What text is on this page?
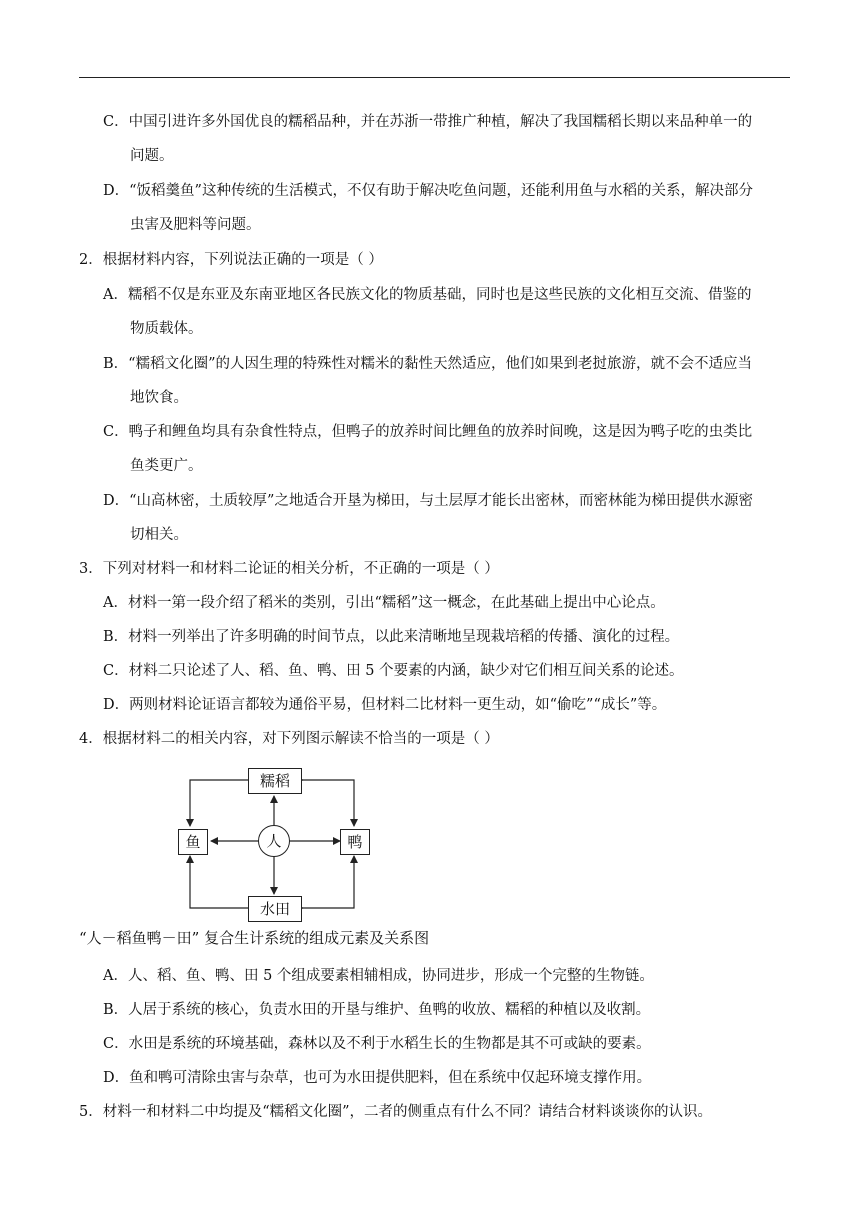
C．中国引进许多外国优良的糯稻品种，并在苏浙一带推广种植，解决了我国糯稻长期以来品种单一的
问题。
D．“饭稻羹鱼”这种传统的生活模式，不仅有助于解决吃鱼问题，还能利用鱼与水稻的关系，解决部分
虫害及肥料等问题。
2．根据材料内容，下列说法正确的一项是（ ）
A．糯稻不仅是东亚及东南亚地区各民族文化的物质基础，同时也是这些民族的文化相互交流、借鉴的
物质载体。
B．“糯稻文化圈”的人因生理的特殊性对糯米的黏性天然适应，他们如果到老挝旅游，就不会不适应当
地饮食。
C．鸭子和鲤鱼均具有杂食性特点，但鸭子的放养时间比鲤鱼的放养时间晚，这是因为鸭子吃的虫类比
鱼类更广。
D．“山高林密，土质较厚”之地适合开垦为梯田，与土层厚才能长出密林，而密林能为梯田提供水源密
切相关。
3．下列对材料一和材料二论证的相关分析，不正确的一项是（ ）
A．材料一第一段介绍了稻米的类别，引出“糯稻”这一概念，在此基础上提出中心论点。
B．材料一列举出了许多明确的时间节点，以此来清晰地呈现栽培稻的传播、演化的过程。
C．材料二只论述了人、稻、鱼、鸭、田 5 个要素的内涵，缺少对它们相互间关系的论述。
D．两则材料论证语言都较为通俗平易，但材料二比材料一更生动，如“偷吃”“成长”等。
4．根据材料二的相关内容，对下列图示解读不恰当的一项是（ ）
糯稻
鱼	人	鸭
水田
“人－稻鱼鸭－田” 复合生计系统的组成元素及关系图
A．人、稻、鱼、鸭、田 5 个组成要素相辅相成，协同进步，形成一个完整的生物链。
B．人居于系统的核心，负责水田的开垦与维护、鱼鸭的收放、糯稻的种植以及收割。
C．水田是系统的环境基础，森林以及不利于水稻生长的生物都是其不可或缺的要素。
D．鱼和鸭可清除虫害与杂草，也可为水田提供肥料，但在系统中仅起环境支撑作用。
5．材料一和材料二中均提及“糯稻文化圈”，二者的侧重点有什么不同？请结合材料谈谈你的认识。
